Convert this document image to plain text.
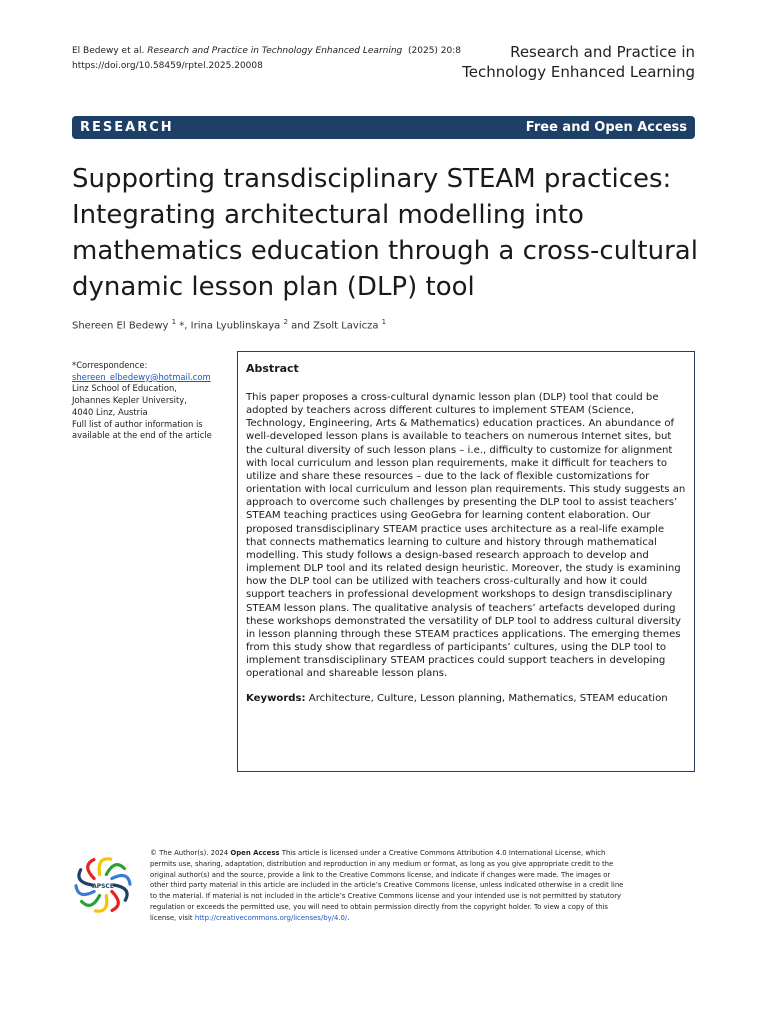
El Bedewy et al. Research and Practice in Technology Enhanced Learning (2025) 20:8
https://doi.org/10.58459/rptel.2025.20008
Research and Practice in
Technology Enhanced Learning
RESEARCH	Free and Open Access
Supporting transdisciplinary STEAM practices: Integrating architectural modelling into mathematics education through a cross-cultural dynamic lesson plan (DLP) tool
Shereen El Bedewy $^1$ *, Irina Lyublinskaya $^2$ and Zsolt Lavicza $^1$
*Correspondence:
shereen_elbedewy@hotmail.com
Linz School of Education,
Johannes Kepler University,
4040 Linz, Austria
Full list of author information is
available at the end of the article
Abstract

This paper proposes a cross-cultural dynamic lesson plan (DLP) tool that could be adopted by teachers across different cultures to implement STEAM (Science, Technology, Engineering, Arts & Mathematics) education practices. An abundance of well-developed lesson plans is available to teachers on numerous Internet sites, but the cultural diversity of such lesson plans – i.e., difficulty to customize for alignment with local curriculum and lesson plan requirements, make it difficult for teachers to utilize and share these resources – due to the lack of flexible customizations for orientation with local curriculum and lesson plan requirements. This study suggests an approach to overcome such challenges by presenting the DLP tool to assist teachers’ STEAM teaching practices using GeoGebra for learning content elaboration. Our proposed transdisciplinary STEAM practice uses architecture as a real-life example that connects mathematics learning to culture and history through mathematical modelling. This study follows a design-based research approach to develop and implement DLP tool and its related design heuristic. Moreover, the study is examining how the DLP tool can be utilized with teachers cross-culturally and how it could support teachers in professional development workshops to design transdisciplinary STEAM lesson plans. The qualitative analysis of teachers’ artefacts developed during these workshops demonstrated the versatility of DLP tool to address cultural diversity in lesson planning through these STEAM practices applications. The emerging themes from this study show that regardless of participants’ cultures, using the DLP tool to implement transdisciplinary STEAM practices could support teachers in developing operational and shareable lesson plans.

Keywords: Architecture, Culture, Lesson planning, Mathematics, STEAM education
APSCE
© The Author(s). 2024 Open Access This article is licensed under a Creative Commons Attribution 4.0 International License, which permits use, sharing, adaptation, distribution and reproduction in any medium or format, as long as you give appropriate credit to the original author(s) and the source, provide a link to the Creative Commons license, and indicate if changes were made. The images or other third party material in this article are included in the article’s Creative Commons license, unless indicated otherwise in a credit line to the material. If material is not included in the article’s Creative Commons license and your intended use is not permitted by statutory regulation or exceeds the permitted use, you will need to obtain permission directly from the copyright holder. To view a copy of this license, visit http://creativecommons.org/licenses/by/4.0/.
